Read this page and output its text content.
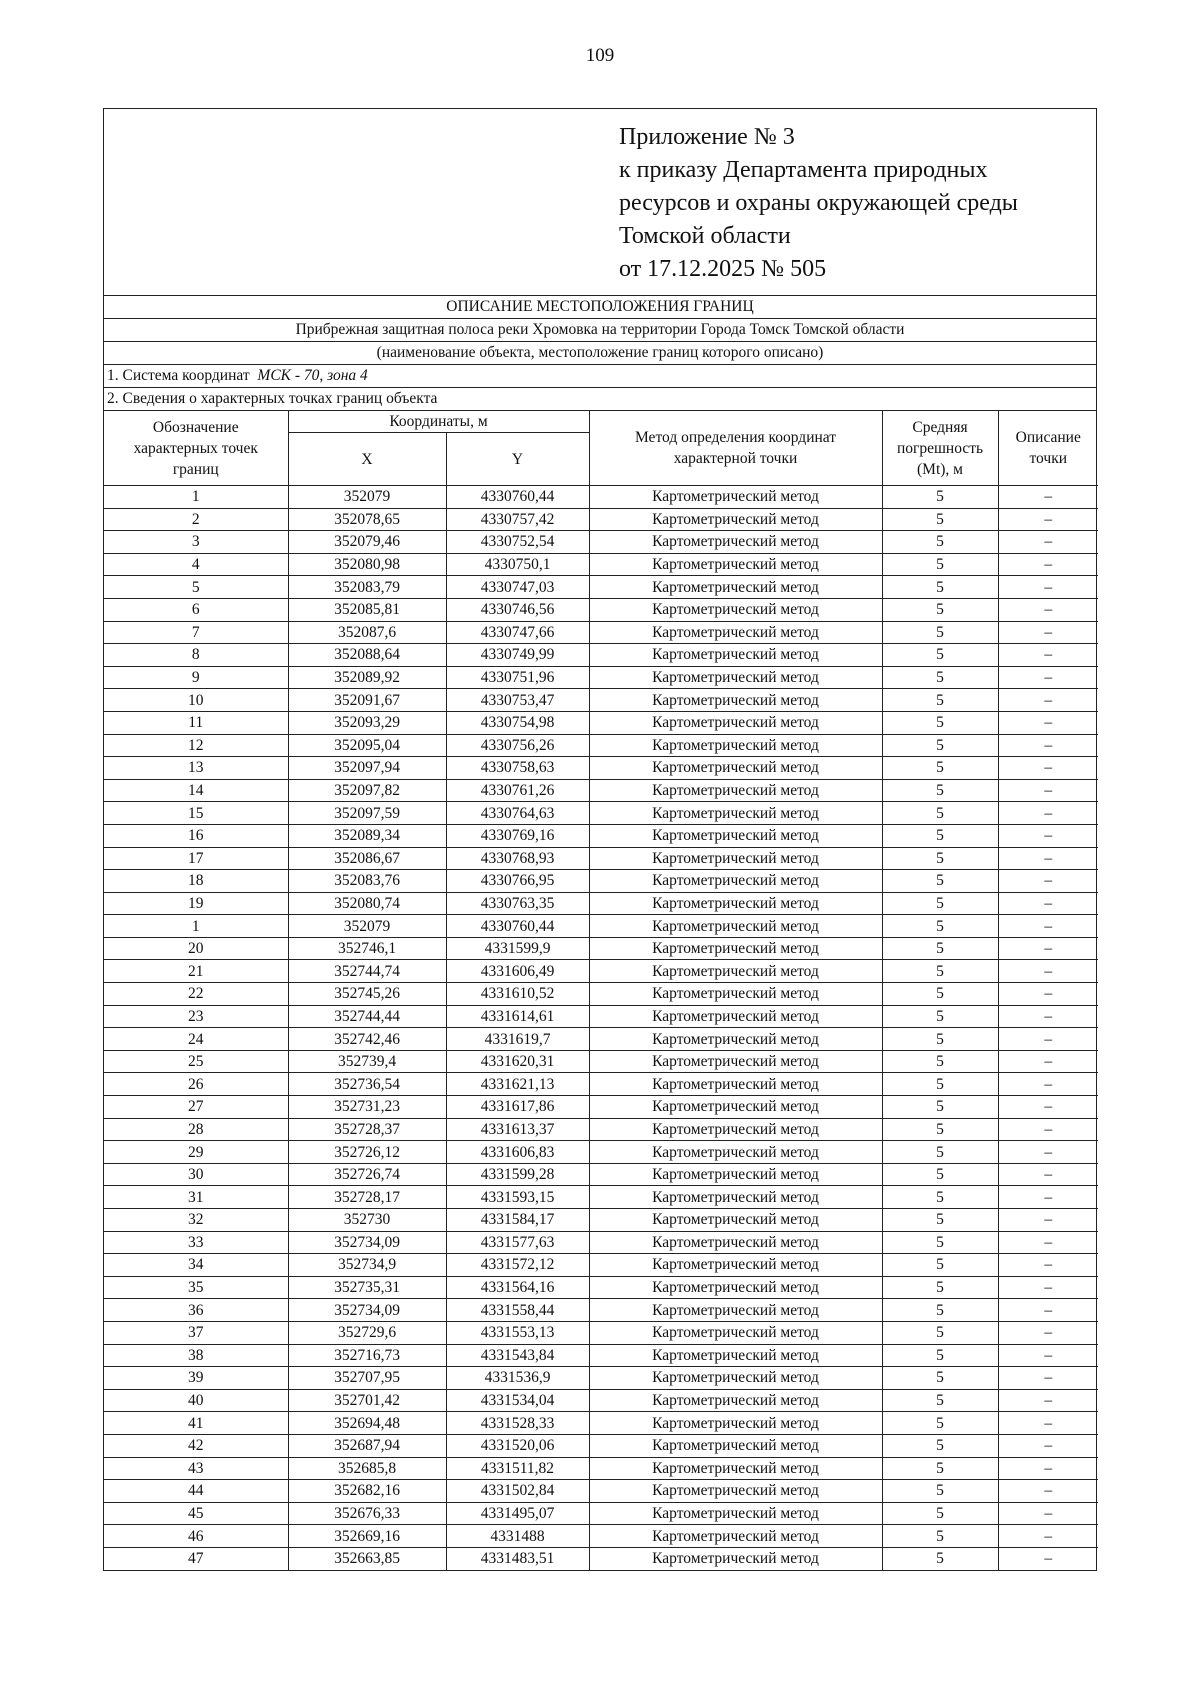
109
Приложение № 3
к приказу Департамента природных
ресурсов и охраны окружающей среды
Томской области
от 17.12.2025 № 505
ОПИСАНИЕ МЕСТОПОЛОЖЕНИЯ ГРАНИЦ
Прибрежная защитная полоса реки Хромовка на территории Города Томск Томской области
(наименование объекта, местоположение границ которого описано)
1. Система координат МСК - 70, зона 4
2. Сведения о характерных точках границ объекта
Обозначение характерных точек границ	Координаты, м		Метод определения координат характерной точки	Средняя погрешность (Mt), м	Описание точки
	X	Y			
1	352079	4330760,44	Картометрический метод	5	–
2	352078,65	4330757,42	Картометрический метод	5	–
3	352079,46	4330752,54	Картометрический метод	5	–
4	352080,98	4330750,1	Картометрический метод	5	–
5	352083,79	4330747,03	Картометрический метод	5	–
6	352085,81	4330746,56	Картометрический метод	5	–
7	352087,6	4330747,66	Картометрический метод	5	–
8	352088,64	4330749,99	Картометрический метод	5	–
9	352089,92	4330751,96	Картометрический метод	5	–
10	352091,67	4330753,47	Картометрический метод	5	–
11	352093,29	4330754,98	Картометрический метод	5	–
12	352095,04	4330756,26	Картометрический метод	5	–
13	352097,94	4330758,63	Картометрический метод	5	–
14	352097,82	4330761,26	Картометрический метод	5	–
15	352097,59	4330764,63	Картометрический метод	5	–
16	352089,34	4330769,16	Картометрический метод	5	–
17	352086,67	4330768,93	Картометрический метод	5	–
18	352083,76	4330766,95	Картометрический метод	5	–
19	352080,74	4330763,35	Картометрический метод	5	–
1	352079	4330760,44	Картометрический метод	5	–
20	352746,1	4331599,9	Картометрический метод	5	–
21	352744,74	4331606,49	Картометрический метод	5	–
22	352745,26	4331610,52	Картометрический метод	5	–
23	352744,44	4331614,61	Картометрический метод	5	–
24	352742,46	4331619,7	Картометрический метод	5	–
25	352739,4	4331620,31	Картометрический метод	5	–
26	352736,54	4331621,13	Картометрический метод	5	–
27	352731,23	4331617,86	Картометрический метод	5	–
28	352728,37	4331613,37	Картометрический метод	5	–
29	352726,12	4331606,83	Картометрический метод	5	–
30	352726,74	4331599,28	Картометрический метод	5	–
31	352728,17	4331593,15	Картометрический метод	5	–
32	352730	4331584,17	Картометрический метод	5	–
33	352734,09	4331577,63	Картометрический метод	5	–
34	352734,9	4331572,12	Картометрический метод	5	–
35	352735,31	4331564,16	Картометрический метод	5	–
36	352734,09	4331558,44	Картометрический метод	5	–
37	352729,6	4331553,13	Картометрический метод	5	–
38	352716,73	4331543,84	Картометрический метод	5	–
39	352707,95	4331536,9	Картометрический метод	5	–
40	352701,42	4331534,04	Картометрический метод	5	–
41	352694,48	4331528,33	Картометрический метод	5	–
42	352687,94	4331520,06	Картометрический метод	5	–
43	352685,8	4331511,82	Картометрический метод	5	–
44	352682,16	4331502,84	Картометрический метод	5	–
45	352676,33	4331495,07	Картометрический метод	5	–
46	352669,16	4331488	Картометрический метод	5	–
47	352663,85	4331483,51	Картометрический метод	5	–
